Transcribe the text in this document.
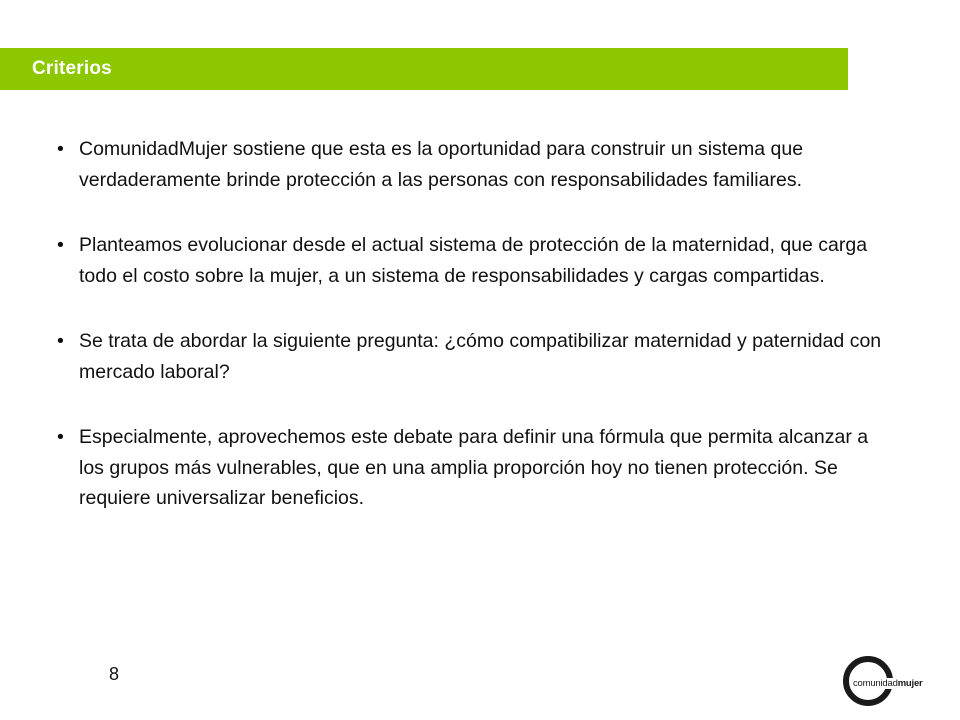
Criterios
• ComunidadMujer sostiene que esta es la oportunidad para construir un sistema que verdaderamente brinde protección a las personas con responsabilidades familiares.
• Planteamos evolucionar desde el actual sistema de protección de la maternidad, que carga todo el costo sobre la mujer, a un sistema de responsabilidades y cargas compartidas.
• Se trata de abordar la siguiente pregunta: ¿cómo compatibilizar maternidad y paternidad con mercado laboral?
• Especialmente, aprovechemos este debate para definir una fórmula que permita alcanzar a los grupos más vulnerables, que en una amplia proporción hoy no tienen protección. Se requiere universalizar beneficios.
8	comunidadmujer
